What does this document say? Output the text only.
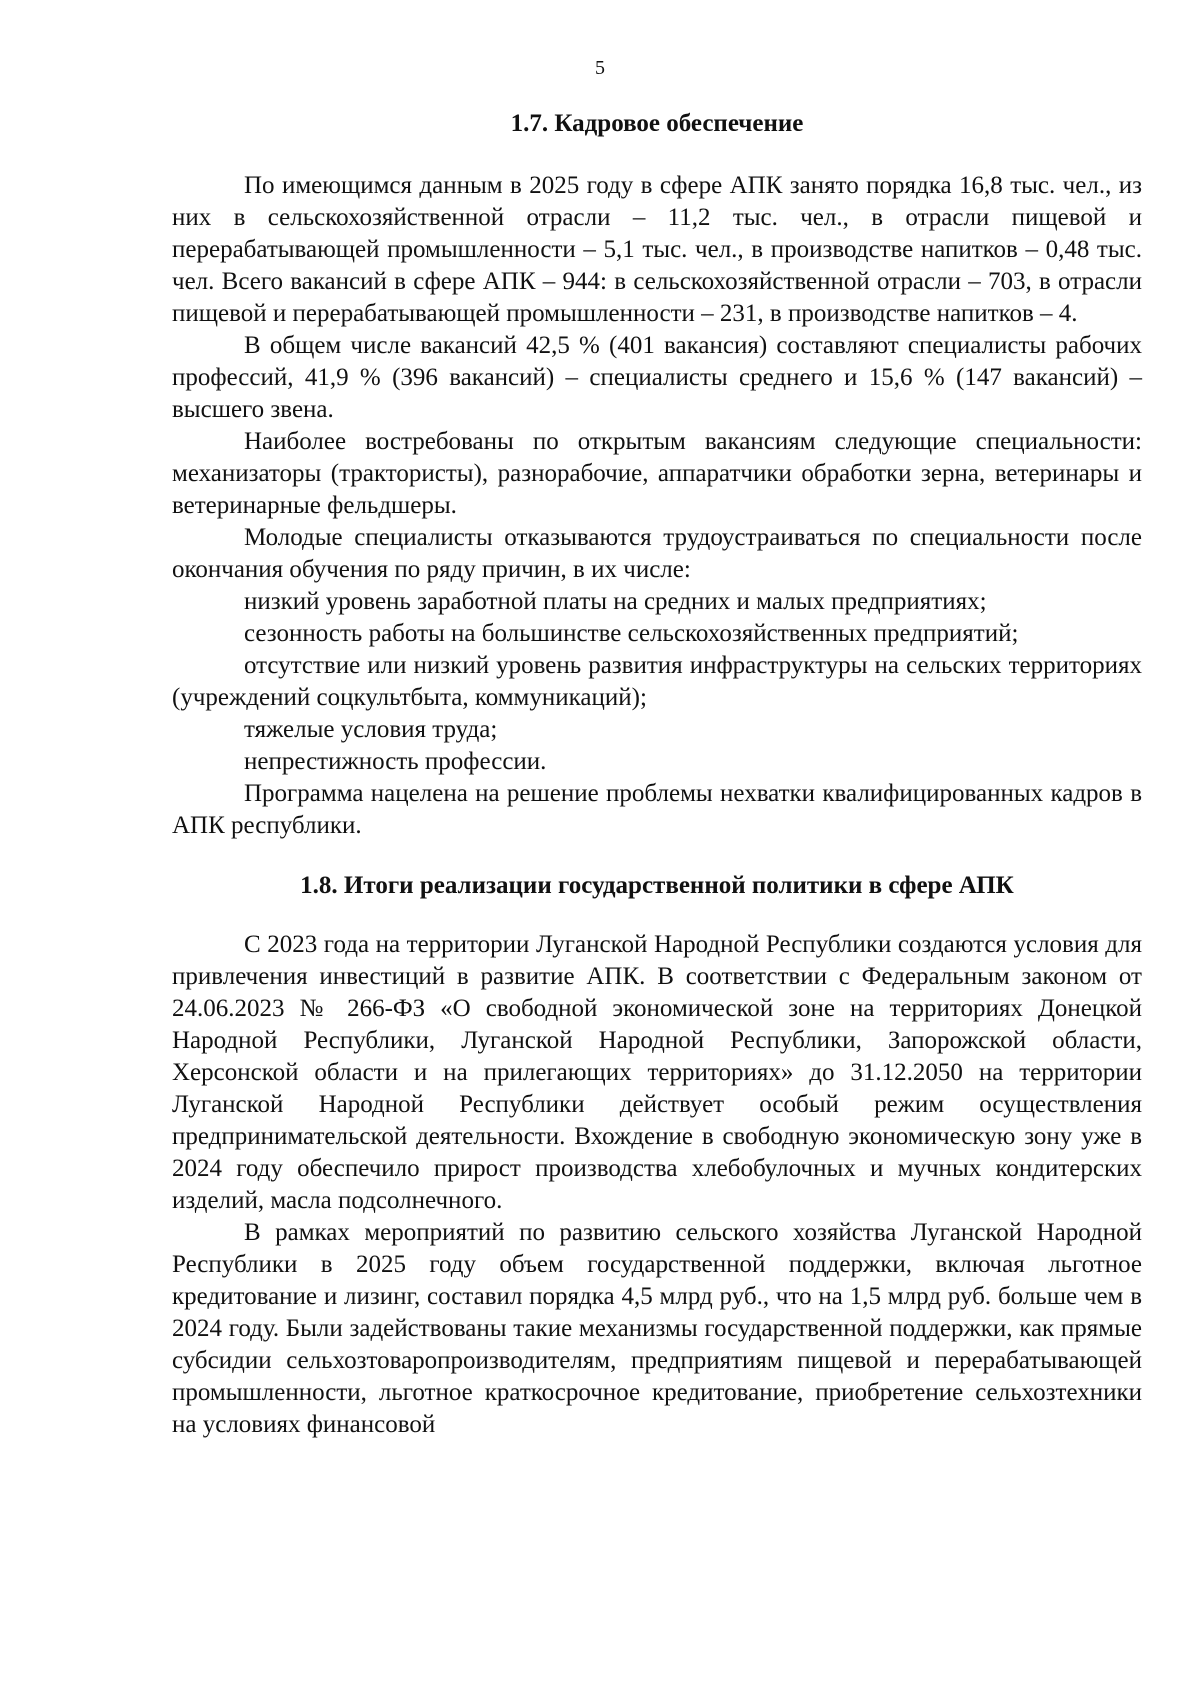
5
1.7. Кадровое обеспечение

По имеющимся данным в 2025 году в сфере АПК занято порядка 16,8 тыс. чел., из них в сельскохозяйственной отрасли – 11,2 тыс. чел., в отрасли пищевой и перерабатывающей промышленности – 5,1 тыс. чел., в производстве напитков – 0,48 тыс. чел. Всего вакансий в сфере АПК – 944: в сельскохозяйственной отрасли – 703, в отрасли пищевой и перерабатывающей промышленности – 231, в производстве напитков – 4.

В общем числе вакансий 42,5 % (401 вакансия) составляют специалисты рабочих профессий, 41,9 % (396 вакансий) – специалисты среднего и 15,6 % (147 вакансий) – высшего звена.

Наиболее востребованы по открытым вакансиям следующие специальности: механизаторы (трактористы), разнорабочие, аппаратчики обработки зерна, ветеринары и ветеринарные фельдшеры.

Молодые специалисты отказываются трудоустраиваться по специальности после окончания обучения по ряду причин, в их числе:

низкий уровень заработной платы на средних и малых предприятиях;

сезонность работы на большинстве сельскохозяйственных предприятий;

отсутствие или низкий уровень развития инфраструктуры на сельских территориях (учреждений соцкультбыта, коммуникаций);

тяжелые условия труда;

непрестижность профессии.

Программа нацелена на решение проблемы нехватки квалифицированных кадров в АПК республики.

1.8. Итоги реализации государственной политики в сфере АПК

С 2023 года на территории Луганской Народной Республики создаются условия для привлечения инвестиций в развитие АПК. В соответствии с Федеральным законом от 24.06.2023 № 266-ФЗ «О свободной экономической зоне на территориях Донецкой Народной Республики, Луганской Народной Республики, Запорожской области, Херсонской области и на прилегающих территориях» до 31.12.2050 на территории Луганской Народной Республики действует особый режим осуществления предпринимательской деятельности. Вхождение в свободную экономическую зону уже в 2024 году обеспечило прирост производства хлебобулочных и мучных кондитерских изделий, масла подсолнечного.

В рамках мероприятий по развитию сельского хозяйства Луганской Народной Республики в 2025 году объем государственной поддержки, включая льготное кредитование и лизинг, составил порядка 4,5 млрд руб., что на 1,5 млрд руб. больше чем в 2024 году. Были задействованы такие механизмы государственной поддержки, как прямые субсидии сельхозтоваропроизводителям, предприятиям пищевой и перерабатывающей промышленности, льготное краткосрочное кредитование, приобретение сельхозтехники на условиях финансовой
